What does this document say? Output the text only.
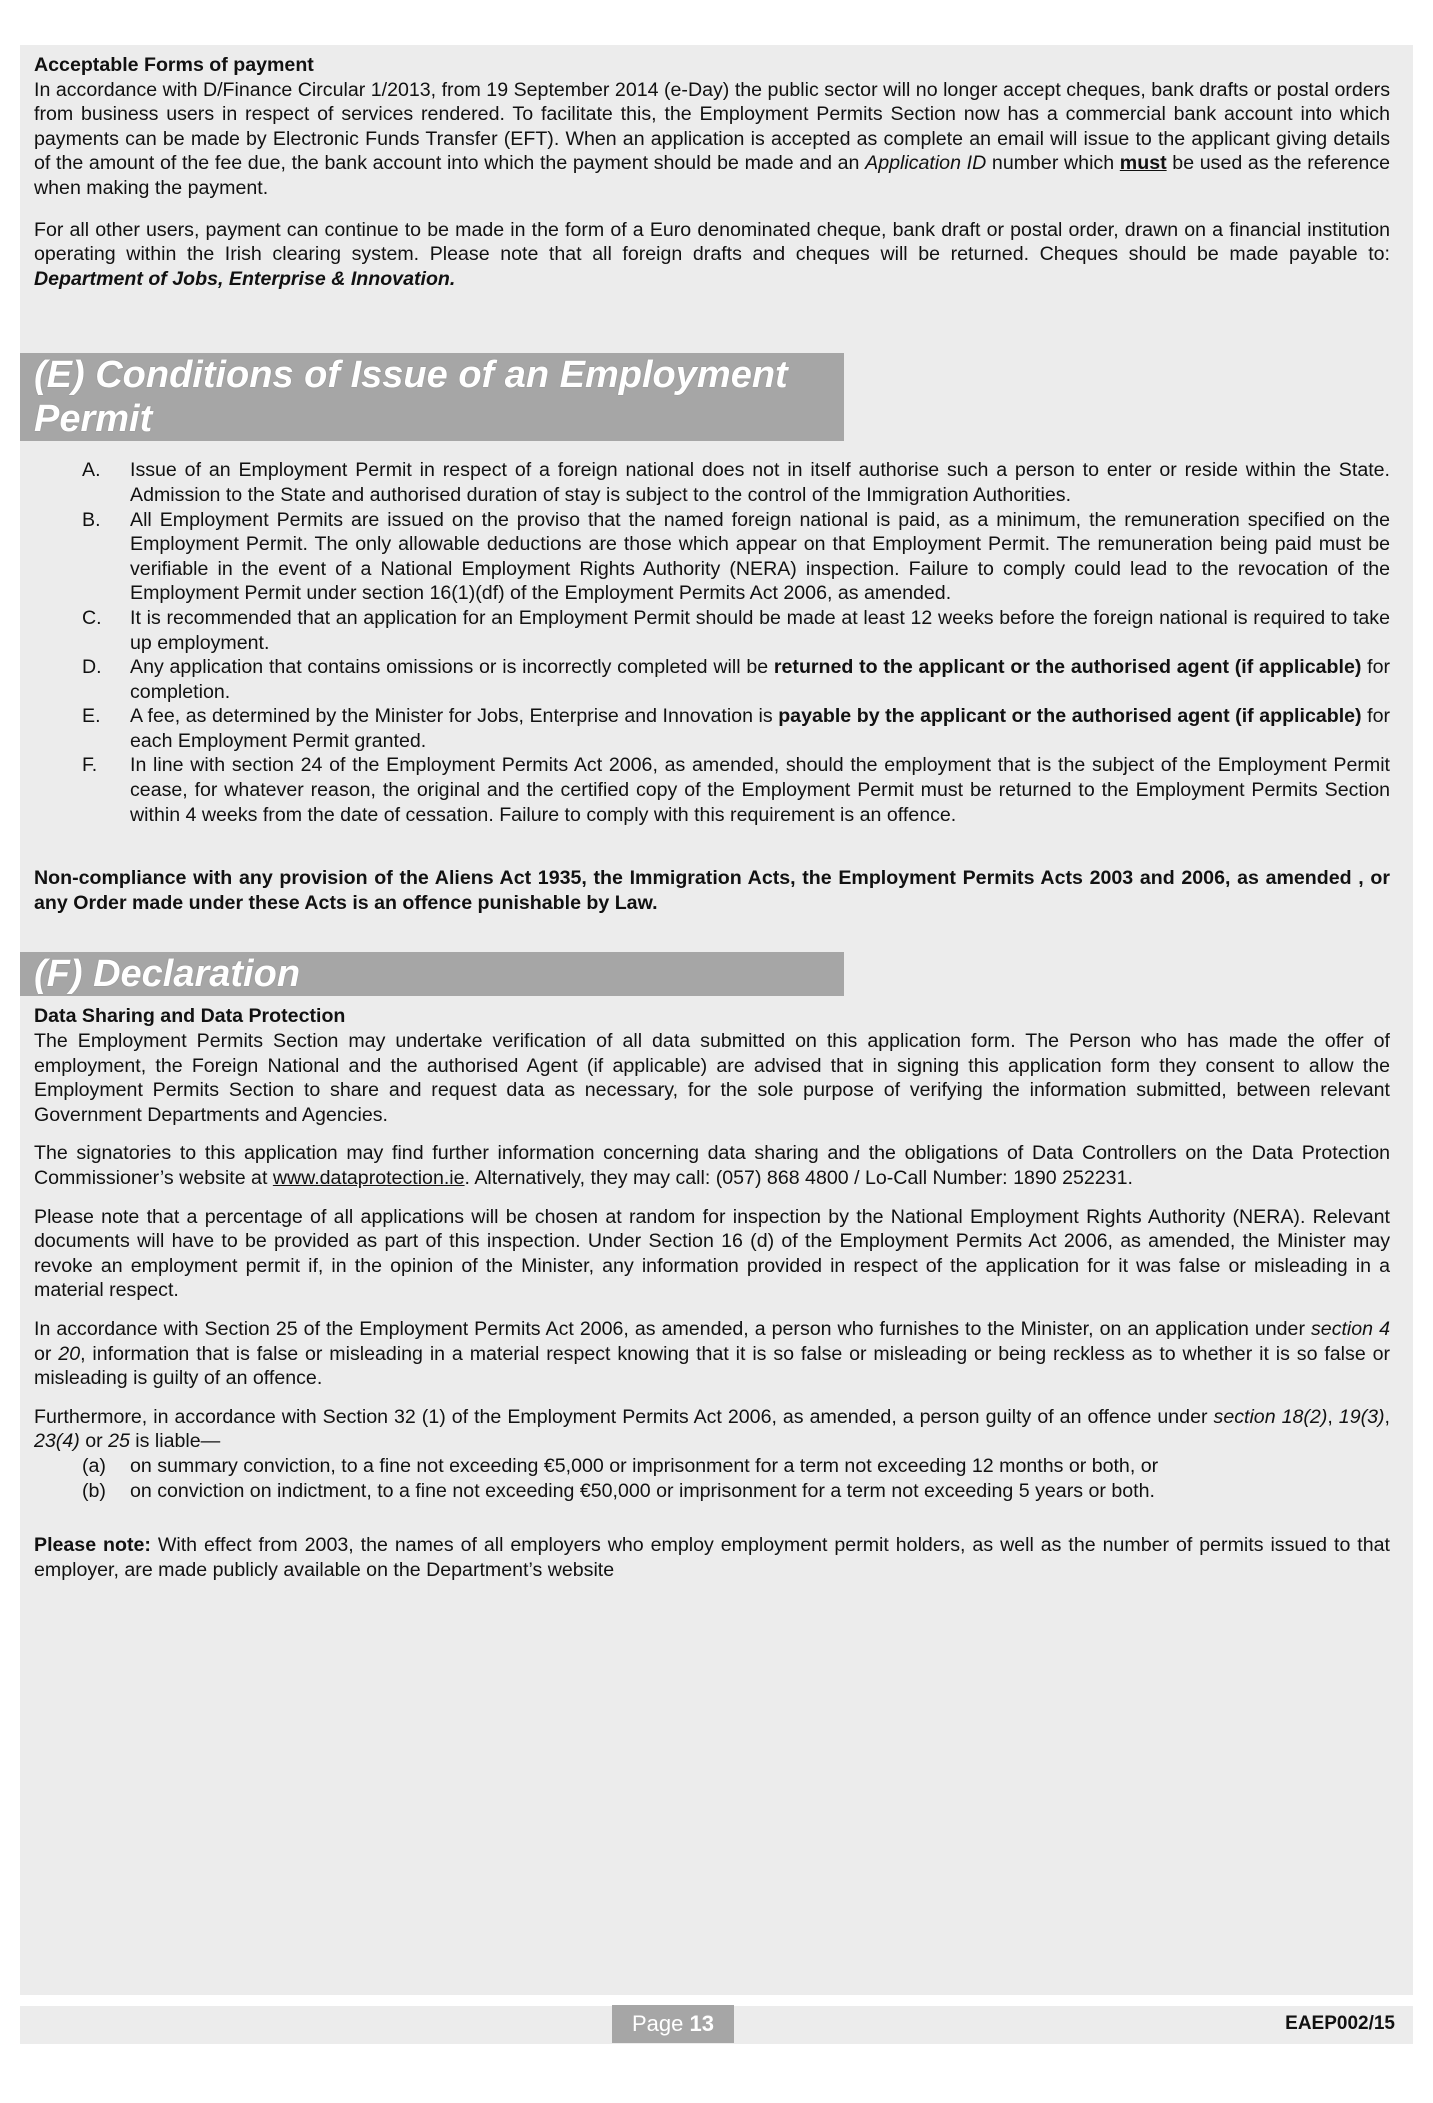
Acceptable Forms of payment

In accordance with D/Finance Circular 1/2013, from 19 September 2014 (e-Day) the public sector will no longer accept cheques, bank drafts or postal orders from business users in respect of services rendered. To facilitate this, the Employment Permits Section now has a commercial bank account into which payments can be made by Electronic Funds Transfer (EFT). When an application is accepted as complete an email will issue to the applicant giving details of the amount of the fee due, the bank account into which the payment should be made and an Application ID number which must be used as the reference when making the payment.

For all other users, payment can continue to be made in the form of a Euro denominated cheque, bank draft or postal order, drawn on a financial institution operating within the Irish clearing system. Please note that all foreign drafts and cheques will be returned. Cheques should be made payable to: Department of Jobs, Enterprise & Innovation.

(E) Conditions of Issue of an Employment Permit
A.	Issue of an Employment Permit in respect of a foreign national does not in itself authorise such a person to enter or reside within the State. Admission to the State and authorised duration of stay is subject to the control of the Immigration Authorities.
B.	All Employment Permits are issued on the proviso that the named foreign national is paid, as a minimum, the remuneration specified on the Employment Permit. The only allowable deductions are those which appear on that Employment Permit. The remuneration being paid must be verifiable in the event of a National Employment Rights Authority (NERA) inspection. Failure to comply could lead to the revocation of the Employment Permit under section 16(1)(df) of the Employment Permits Act 2006, as amended.
C.	It is recommended that an application for an Employment Permit should be made at least 12 weeks before the foreign national is required to take up employment.
D.	Any application that contains omissions or is incorrectly completed will be returned to the applicant or the authorised agent (if applicable) for completion.
E.	A fee, as determined by the Minister for Jobs, Enterprise and Innovation is payable by the applicant or the authorised agent (if applicable) for each Employment Permit granted.
F.	In line with section 24 of the Employment Permits Act 2006, as amended, should the employment that is the subject of the Employment Permit cease, for whatever reason, the original and the certified copy of the Employment Permit must be returned to the Employment Permits Section within 4 weeks from the date of cessation. Failure to comply with this requirement is an offence.

Non-compliance with any provision of the Aliens Act 1935, the Immigration Acts, the Employment Permits Acts 2003 and 2006, as amended , or any Order made under these Acts is an offence punishable by Law.

(F) Declaration

Data Sharing and Data Protection

The Employment Permits Section may undertake verification of all data submitted on this application form. The Person who has made the offer of employment, the Foreign National and the authorised Agent (if applicable) are advised that in signing this application form they consent to allow the Employment Permits Section to share and request data as necessary, for the sole purpose of verifying the information submitted, between relevant Government Departments and Agencies.

The signatories to this application may find further information concerning data sharing and the obligations of Data Controllers on the Data Protection Commissioner’s website at www.dataprotection.ie. Alternatively, they may call: (057) 868 4800 / Lo-Call Number: 1890 252231.

Please note that a percentage of all applications will be chosen at random for inspection by the National Employment Rights Authority (NERA). Relevant documents will have to be provided as part of this inspection. Under Section 16 (d) of the Employment Permits Act 2006, as amended, the Minister may revoke an employment permit if, in the opinion of the Minister, any information provided in respect of the application for it was false or misleading in a material respect.

In accordance with Section 25 of the Employment Permits Act 2006, as amended, a person who furnishes to the Minister, on an application under section 4 or 20, information that is false or misleading in a material respect knowing that it is so false or misleading or being reckless as to whether it is so false or misleading is guilty of an offence.

Furthermore, in accordance with Section 32 (1) of the Employment Permits Act 2006, as amended, a person guilty of an offence under section 18(2), 19(3), 23(4) or 25 is liable—

(a)	on summary conviction, to a fine not exceeding €5,000 or imprisonment for a term not exceeding 12 months or both, or
(b)	on conviction on indictment, to a fine not exceeding €50,000 or imprisonment for a term not exceeding 5 years or both.

Please note: With effect from 2003, the names of all employers who employ employment permit holders, as well as the number of permits issued to that employer, are made publicly available on the Department’s website

Page 13	EAEP002/15
